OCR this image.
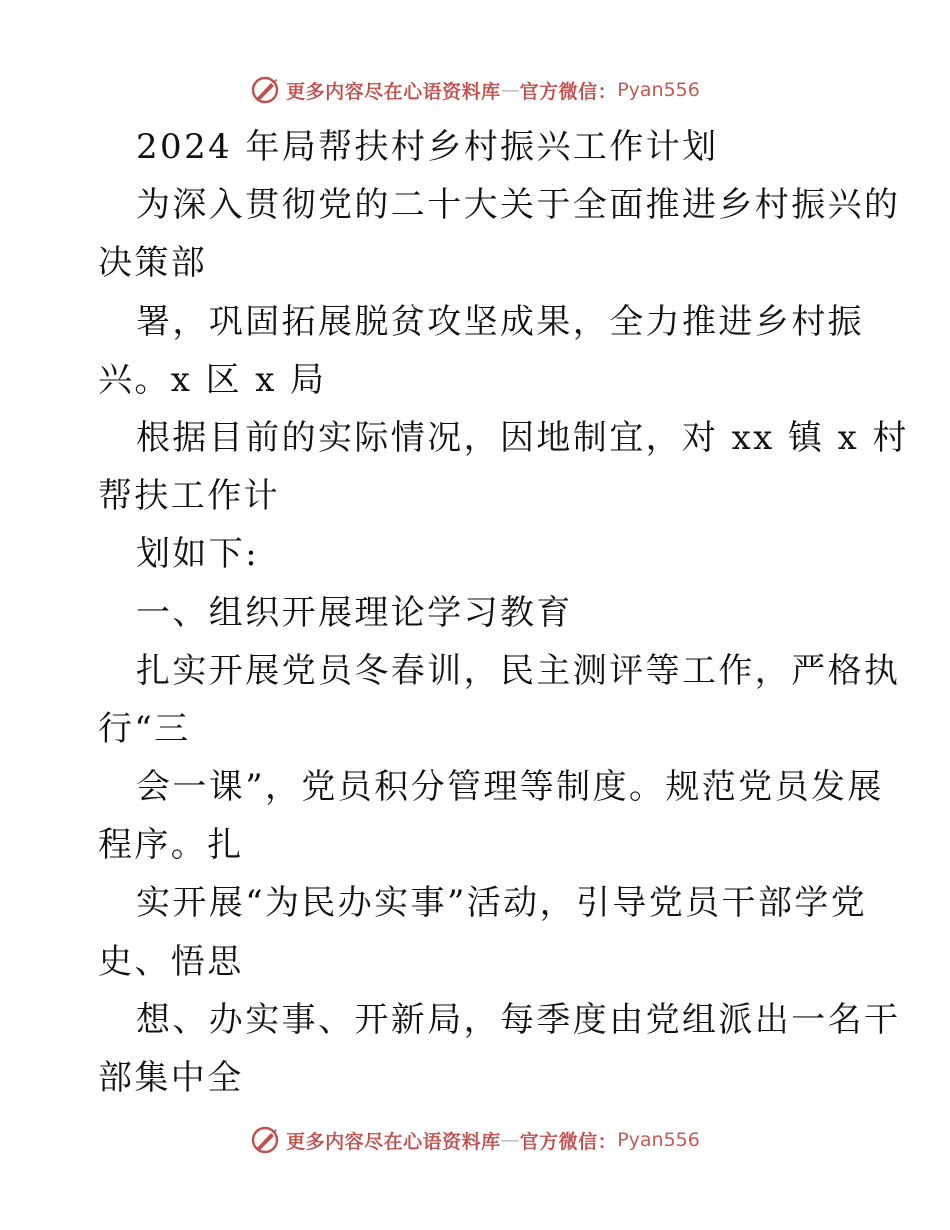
更多内容尽在心语资料库 — 官方微信： Pyan556
2024 年局帮扶村乡村振兴工作计划
为深入贯彻党的二十大关于全面推进乡村振兴的
决策部
署，巩固拓展脱贫攻坚成果，全力推进乡村振
兴。x 区 x 局
根据目前的实际情况，因地制宜，对 xx 镇 x 村
帮扶工作计
划如下:
一、组织开展理论学习教育
扎实开展党员冬春训，民主测评等工作，严格执
行“三
会一课”，党员积分管理等制度。规范党员发展
程序。扎
实开展“为民办实事”活动，引导党员干部学党
史、悟思
想、办实事、开新局，每季度由党组派出一名干
部集中全
更多内容尽在心语资料库 — 官方微信： Pyan556
